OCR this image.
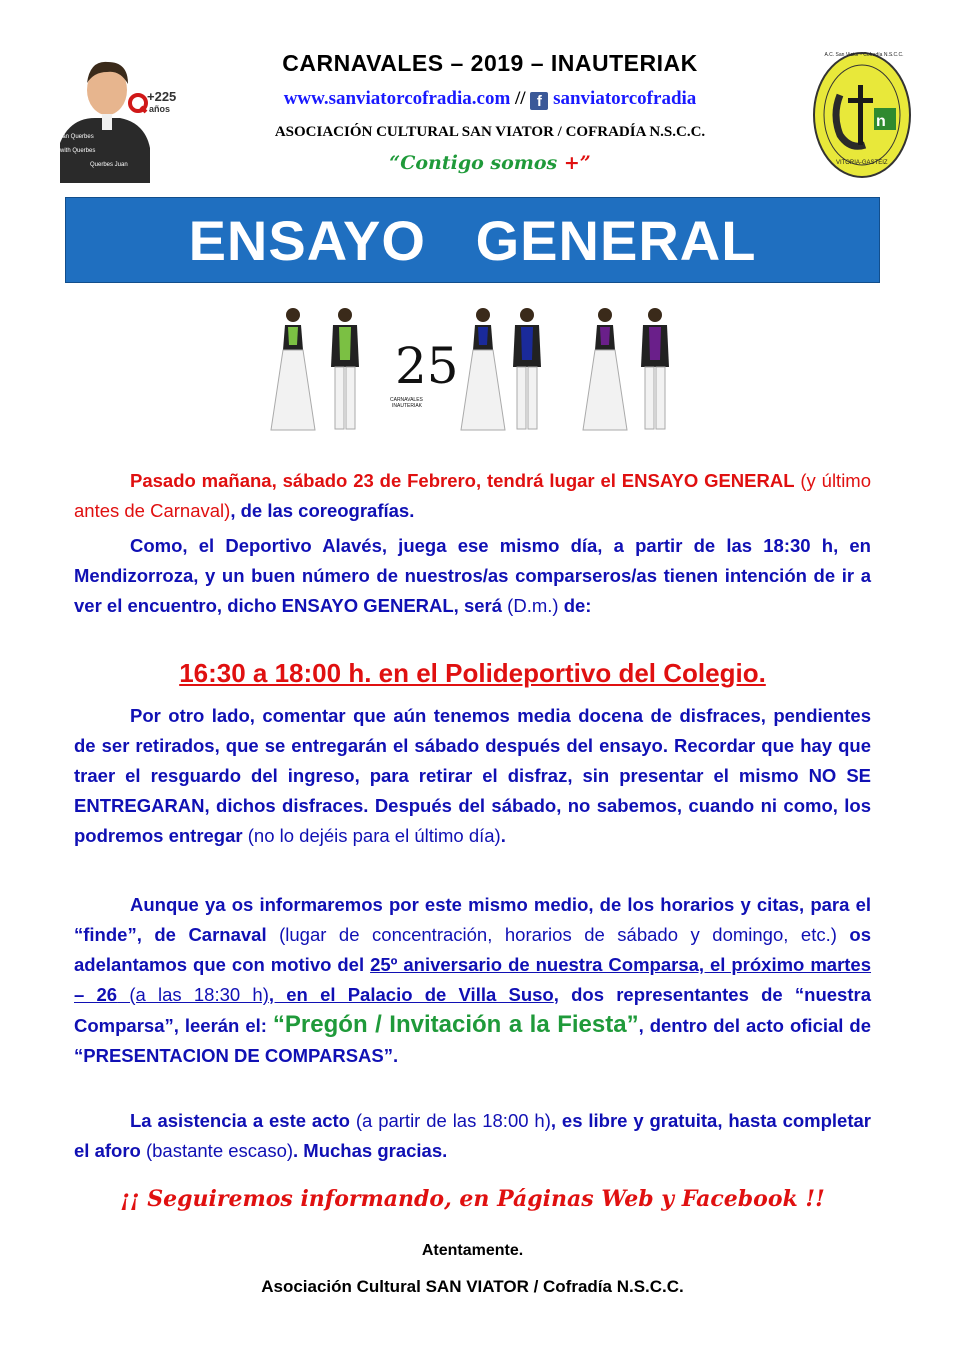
Juan Querbes
with Querbes
Querbes Juan
+225
años
n
VITORIA-GASTEIZ
A.C. San Viator - Cofradía N.S.C.C.
CARNAVALES – 2019 – INAUTERIAK
www.sanviatorcofradia.com // f sanviatorcofradia
ASOCIACIÓN CULTURAL SAN VIATOR / COFRADÍA N.S.C.C.
“Contigo somos +”
ENSAYO   GENERAL
25
CARNAVALES
INAUTERIAK
Pasado mañana, sábado 23 de Febrero, tendrá lugar el ENSAYO GENERAL (y último antes de Carnaval), de las coreografías.
Como, el Deportivo Alavés, juega ese mismo día, a partir de las 18:30 h, en Mendizorroza, y un buen número de nuestros/as comparseros/as tienen intención de ir a ver el encuentro, dicho ENSAYO GENERAL, será (D.m.) de:
16:30 a 18:00 h. en el Polideportivo del Colegio.
Por otro lado, comentar que aún tenemos media docena de disfraces, pendientes de ser retirados, que se entregarán el sábado después del ensayo. Recordar que hay que traer el resguardo del ingreso, para retirar el disfraz, sin presentar el mismo NO SE ENTREGARAN, dichos disfraces. Después del sábado, no sabemos, cuando ni como, los podremos entregar (no lo dejéis para el último día).
Aunque ya os informaremos por este mismo medio, de los horarios y citas, para el “finde”, de Carnaval (lugar de concentración, horarios de sábado y domingo, etc.) os adelantamos que con motivo del 25º aniversario de nuestra Comparsa, el próximo martes – 26 (a las 18:30 h), en el Palacio de Villa Suso, dos representantes de “nuestra Comparsa”, leerán el: “Pregón / Invitación a la Fiesta”, dentro del acto oficial de “PRESENTACION DE COMPARSAS”.
La asistencia a este acto (a partir de las 18:00 h), es libre y gratuita, hasta completar el aforo (bastante escaso). Muchas gracias.
¡¡ Seguiremos informando, en Páginas Web y Facebook !!
Atentamente.
Asociación Cultural SAN VIATOR / Cofradía N.S.C.C.
